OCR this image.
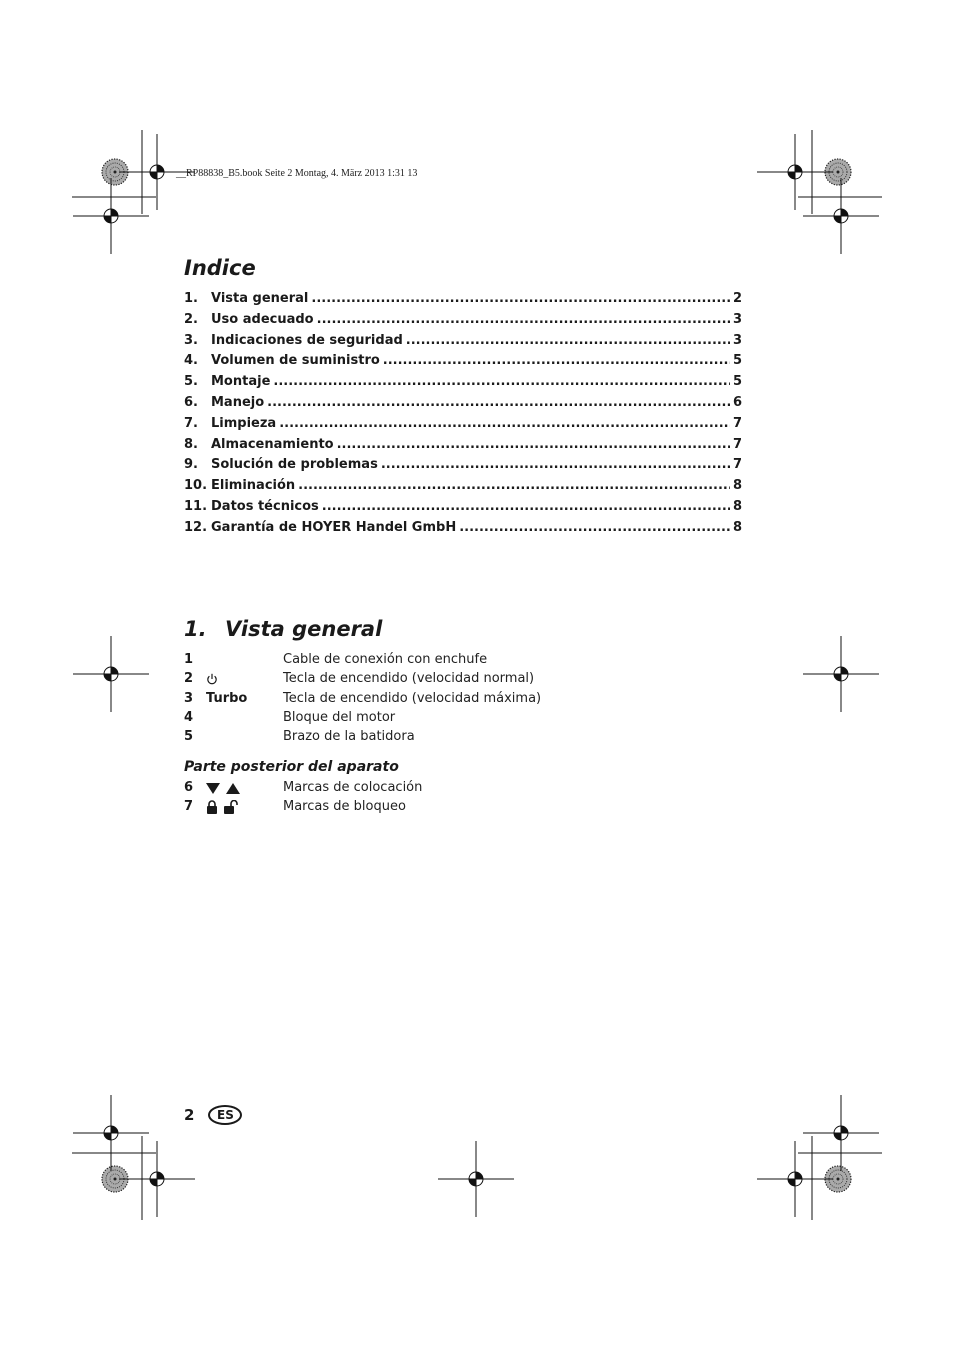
__RP88838_B5.book Seite 2 Montag, 4. März 2013 1:31 13
Indice
1.	Vista general .....	2
2.	Uso adecuado .....	3
3.	Indicaciones de seguridad .....	3
4.	Volumen de suministro .....	5
5.	Montaje .....	5
6.	Manejo .....	6
7.	Limpieza .....	7
8.	Almacenamiento .....	7
9.	Solución de problemas .....	7
10. Eliminación .....	8
11. Datos técnicos .....	8
12. Garantía de HOYER Handel GmbH .....	8
1. Vista general
1	Cable de conexión con enchufe
2	Tecla de encendido (velocidad normal)
3 Turbo	Tecla de encendido (velocidad máxima)
4	Bloque del motor
5	Brazo de la batidora
Parte posterior del aparato
6	Marcas de colocación
7	Marcas de bloqueo
2	ES
